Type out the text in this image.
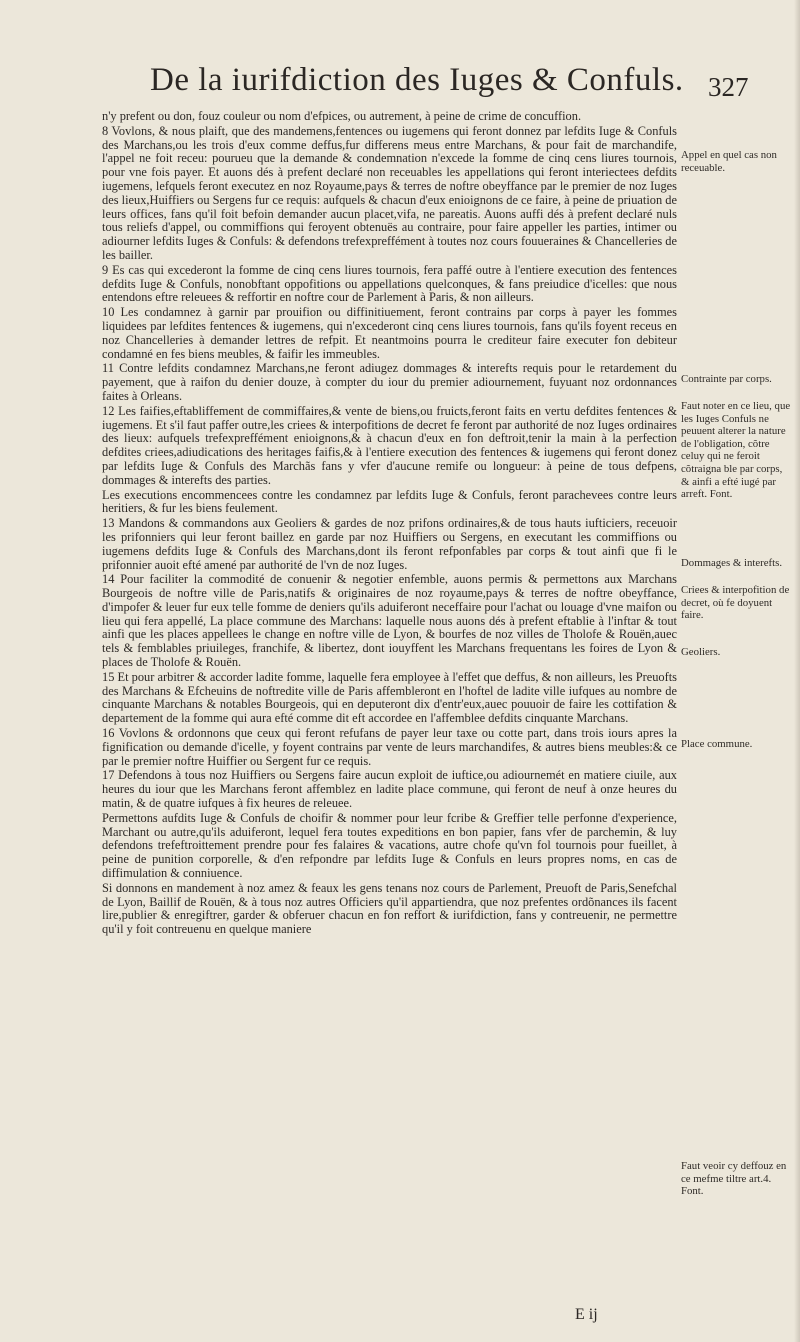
De la iurifdiction des Iuges & Confuls. 327

n'y prefent ou don, fouz couleur ou nom d'efpices, ou autrement, à peine de crime de concuffion.

8 Vovlons, & nous plaift, que des mandemens,fentences ou iugemens qui feront donnez par lefdits Iuge & Confuls des Marchans,ou les trois d'eux comme deffus,fur differens meus entre Marchans, & pour fait de marchandife, l'appel ne foit receu: pourueu que la demande & condemnation n'excede la fomme de cinq cens liures tournois, pour vne fois payer. Et auons dés à prefent declaré non receuables les appellations qui feront interiectees defdits iugemens, lefquels feront executez en noz Royaume,pays & terres de noftre obeyffance par le premier de noz Iuges des lieux,Huiffiers ou Sergens fur ce requis: aufquels & chacun d'eux enioignons de ce faire, à peine de priuation de leurs offices, fans qu'il foit befoin demander aucun placet,vifa, ne pareatis. Auons auffi dés à prefent declaré nuls tous reliefs d'appel, ou commiffions qui feroyent obtenuës au contraire, pour faire appeller les parties, intimer ou adiourner lefdits Iuges & Confuls: & defendons trefexpreffément à toutes noz cours fouueraines & Chancelleries de les bailler.

9 Es cas qui excederont la fomme de cinq cens liures tournois, fera paffé outre à l'entiere execution des fentences defdits Iuge & Confuls, nonobftant oppofitions ou appellations quelconques, & fans preiudice d'icelles: que nous entendons eftre releuees & reffortir en noftre cour de Parlement à Paris, & non ailleurs.

10 Les condamnez à garnir par prouifion ou diffinitiuement, feront contrains par corps à payer les fommes liquidees par lefdites fentences & iugemens, qui n'excederont cinq cens liures tournois, fans qu'ils foyent receus en noz Chancelleries à demander lettres de refpit. Et neantmoins pourra le crediteur faire executer fon debiteur condamné en fes biens meubles, & faifir les immeubles.

11 Contre lefdits condamnez Marchans,ne feront adiugez dommages & interefts requis pour le retardement du payement, que à raifon du denier douze, à compter du iour du premier adiournement, fuyuant noz ordonnances faites à Orleans.

12 Les faifies,eftabliffement de commiffaires,& vente de biens,ou fruicts,feront faits en vertu defdites fentences & iugemens. Et s'il faut paffer outre,les criees & interpofitions de decret fe feront par authorité de noz Iuges ordinaires des lieux: aufquels trefexpreffément enioignons,& à chacun d'eux en fon deftroit,tenir la main à la perfection defdites criees,adiudications des heritages faifis,& à l'entiere execution des fentences & iugemens qui feront donez par lefdits Iuge & Confuls des Marchãs fans y vfer d'aucune remife ou longueur: à peine de tous defpens, dommages & interefts des parties.

Les executions encommencees contre les condamnez par lefdits Iuge & Confuls, feront parachevees contre leurs heritiers, & fur les biens feulement.

13 Mandons & commandons aux Geoliers & gardes de noz prifons ordinaires,& de tous hauts iufticiers, receuoir les prifonniers qui leur feront baillez en garde par noz Huiffiers ou Sergens, en executant les commiffions ou iugemens defdits Iuge & Confuls des Marchans,dont ils feront refponfables par corps & tout ainfi que fi le prifonnier auoit efté amené par authorité de l'vn de noz Iuges.

14 Pour faciliter la commodité de conuenir & negotier enfemble, auons permis & permettons aux Marchans Bourgeois de noftre ville de Paris,natifs & originaires de noz royaume,pays & terres de noftre obeyffance, d'impofer & leuer fur eux telle fomme de deniers qu'ils aduiferont neceffaire pour l'achat ou louage d'vne maifon ou lieu qui fera appellé, La place commune des Marchans: laquelle nous auons dés à prefent eftablie à l'inftar & tout ainfi que les places appellees le change en noftre ville de Lyon, & bourfes de noz villes de Tholofe & Rouën,auec tels & femblables priuileges, franchife, & libertez, dont iouyffent les Marchans frequentans les foires de Lyon & places de Tholofe & Rouën.

15 Et pour arbitrer & accorder ladite fomme, laquelle fera employee à l'effet que deffus, & non ailleurs, les Preuofts des Marchans & Efcheuins de noftredite ville de Paris affembleront en l'hoftel de ladite ville iufques au nombre de cinquante Marchans & notables Bourgeois, qui en deputeront dix d'entr'eux,auec pouuoir de faire les cottifation & departement de la fomme qui aura efté comme dit eft accordee en l'affemblee defdits cinquante Marchans.

16 Vovlons & ordonnons que ceux qui feront refufans de payer leur taxe ou cotte part, dans trois iours apres la fignification ou demande d'icelle, y foyent contrains par vente de leurs marchandifes, & autres biens meubles:& ce par le premier noftre Huiffier ou Sergent fur ce requis.

17 Defendons à tous noz Huiffiers ou Sergens faire aucun exploit de iuftice,ou adiournemét en matiere ciuile, aux heures du iour que les Marchans feront affemblez en ladite place commune, qui feront de neuf à onze heures du matin, & de quatre iufques à fix heures de releuee.

Permettons aufdits Iuge & Confuls de choifir & nommer pour leur fcribe & Greffier telle perfonne d'experience, Marchant ou autre,qu'ils aduiferont, lequel fera toutes expeditions en bon papier, fans vfer de parchemin, & luy defendons trefeftroittement prendre pour fes falaires & vacations, autre chofe qu'vn fol tournois pour fueillet, à peine de punition corporelle, & d'en refpondre par lefdits Iuge & Confuls en leurs propres noms, en cas de diffimulation & conniuence.

Si donnons en mandement à noz amez & feaux les gens tenans noz cours de Parlement, Preuoft de Paris,Senefchal de Lyon, Baillif de Rouën, & à tous noz autres Officiers qu'il appartiendra, que noz prefentes ordõnances ils facent lire,publier & enregiftrer, garder & obferuer chacun en fon reffort & iurifdiction, fans y contreuenir, ne permettre qu'il y foit contreuenu en quelque maniere

Appel en quel cas non receuable.
Contrainte par corps.
Faut noter en ce lieu, que les Iuges Confuls ne peuuent alterer la nature de l'obligation, cõtre celuy qui ne feroit cõtraigna ble par corps, & ainfi a efté iugé par arreft. Font.
Dommages & interefts.
Criees & interpofition de decret, où fe doyuent faire.
Geoliers.
Place commune.
Faut veoir cy deffouz en ce mefme tiltre art.4. Font.
E ij
